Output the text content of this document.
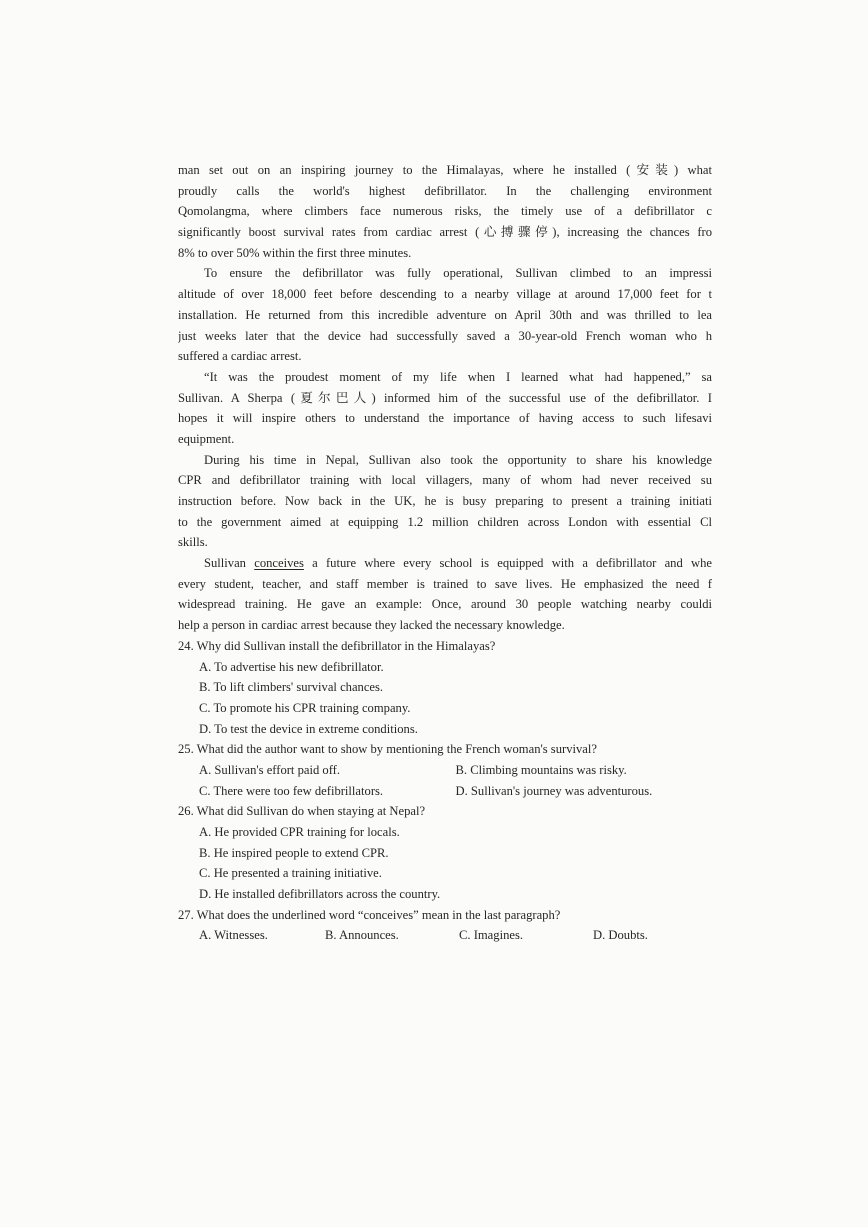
man set out on an inspiring journey to the Himalayas, where he installed (安装) what
proudly calls the world's highest defibrillator. In the challenging environment
Qomolangma, where climbers face numerous risks, the timely use of a defibrillator c
significantly boost survival rates from cardiac arrest (心搏骤停), increasing the chances fro
8% to over 50% within the first three minutes.
To ensure the defibrillator was fully operational, Sullivan climbed to an impressi
altitude of over 18,000 feet before descending to a nearby village at around 17,000 feet for t
installation. He returned from this incredible adventure on April 30th and was thrilled to lea
just weeks later that the device had successfully saved a 30-year-old French woman who h
suffered a cardiac arrest.
“It was the proudest moment of my life when I learned what had happened,” sa
Sullivan. A Sherpa (夏尔巴人) informed him of the successful use of the defibrillator. I
hopes it will inspire others to understand the importance of having access to such lifesavi
equipment.
During his time in Nepal, Sullivan also took the opportunity to share his knowledge
CPR and defibrillator training with local villagers, many of whom had never received su
instruction before. Now back in the UK, he is busy preparing to present a training initiati
to the government aimed at equipping 1.2 million children across London with essential Cl
skills.
Sullivan conceives a future where every school is equipped with a defibrillator and whe
every student, teacher, and staff member is trained to save lives. He emphasized the need f
widespread training. He gave an example: Once, around 30 people watching nearby couldi
help a person in cardiac arrest because they lacked the necessary knowledge.
24. Why did Sullivan install the defibrillator in the Himalayas?
A. To advertise his new defibrillator.
B. To lift climbers' survival chances.
C. To promote his CPR training company.
D. To test the device in extreme conditions.
25. What did the author want to show by mentioning the French woman's survival?
A. Sullivan's effort paid off.	B. Climbing mountains was risky.
C. There were too few defibrillators.	D. Sullivan's journey was adventurous.
26. What did Sullivan do when staying at Nepal?
A. He provided CPR training for locals.
B. He inspired people to extend CPR.
C. He presented a training initiative.
D. He installed defibrillators across the country.
27. What does the underlined word “conceives” mean in the last paragraph?
A. Witnesses.	B. Announces.	C. Imagines.	D. Doubts.
